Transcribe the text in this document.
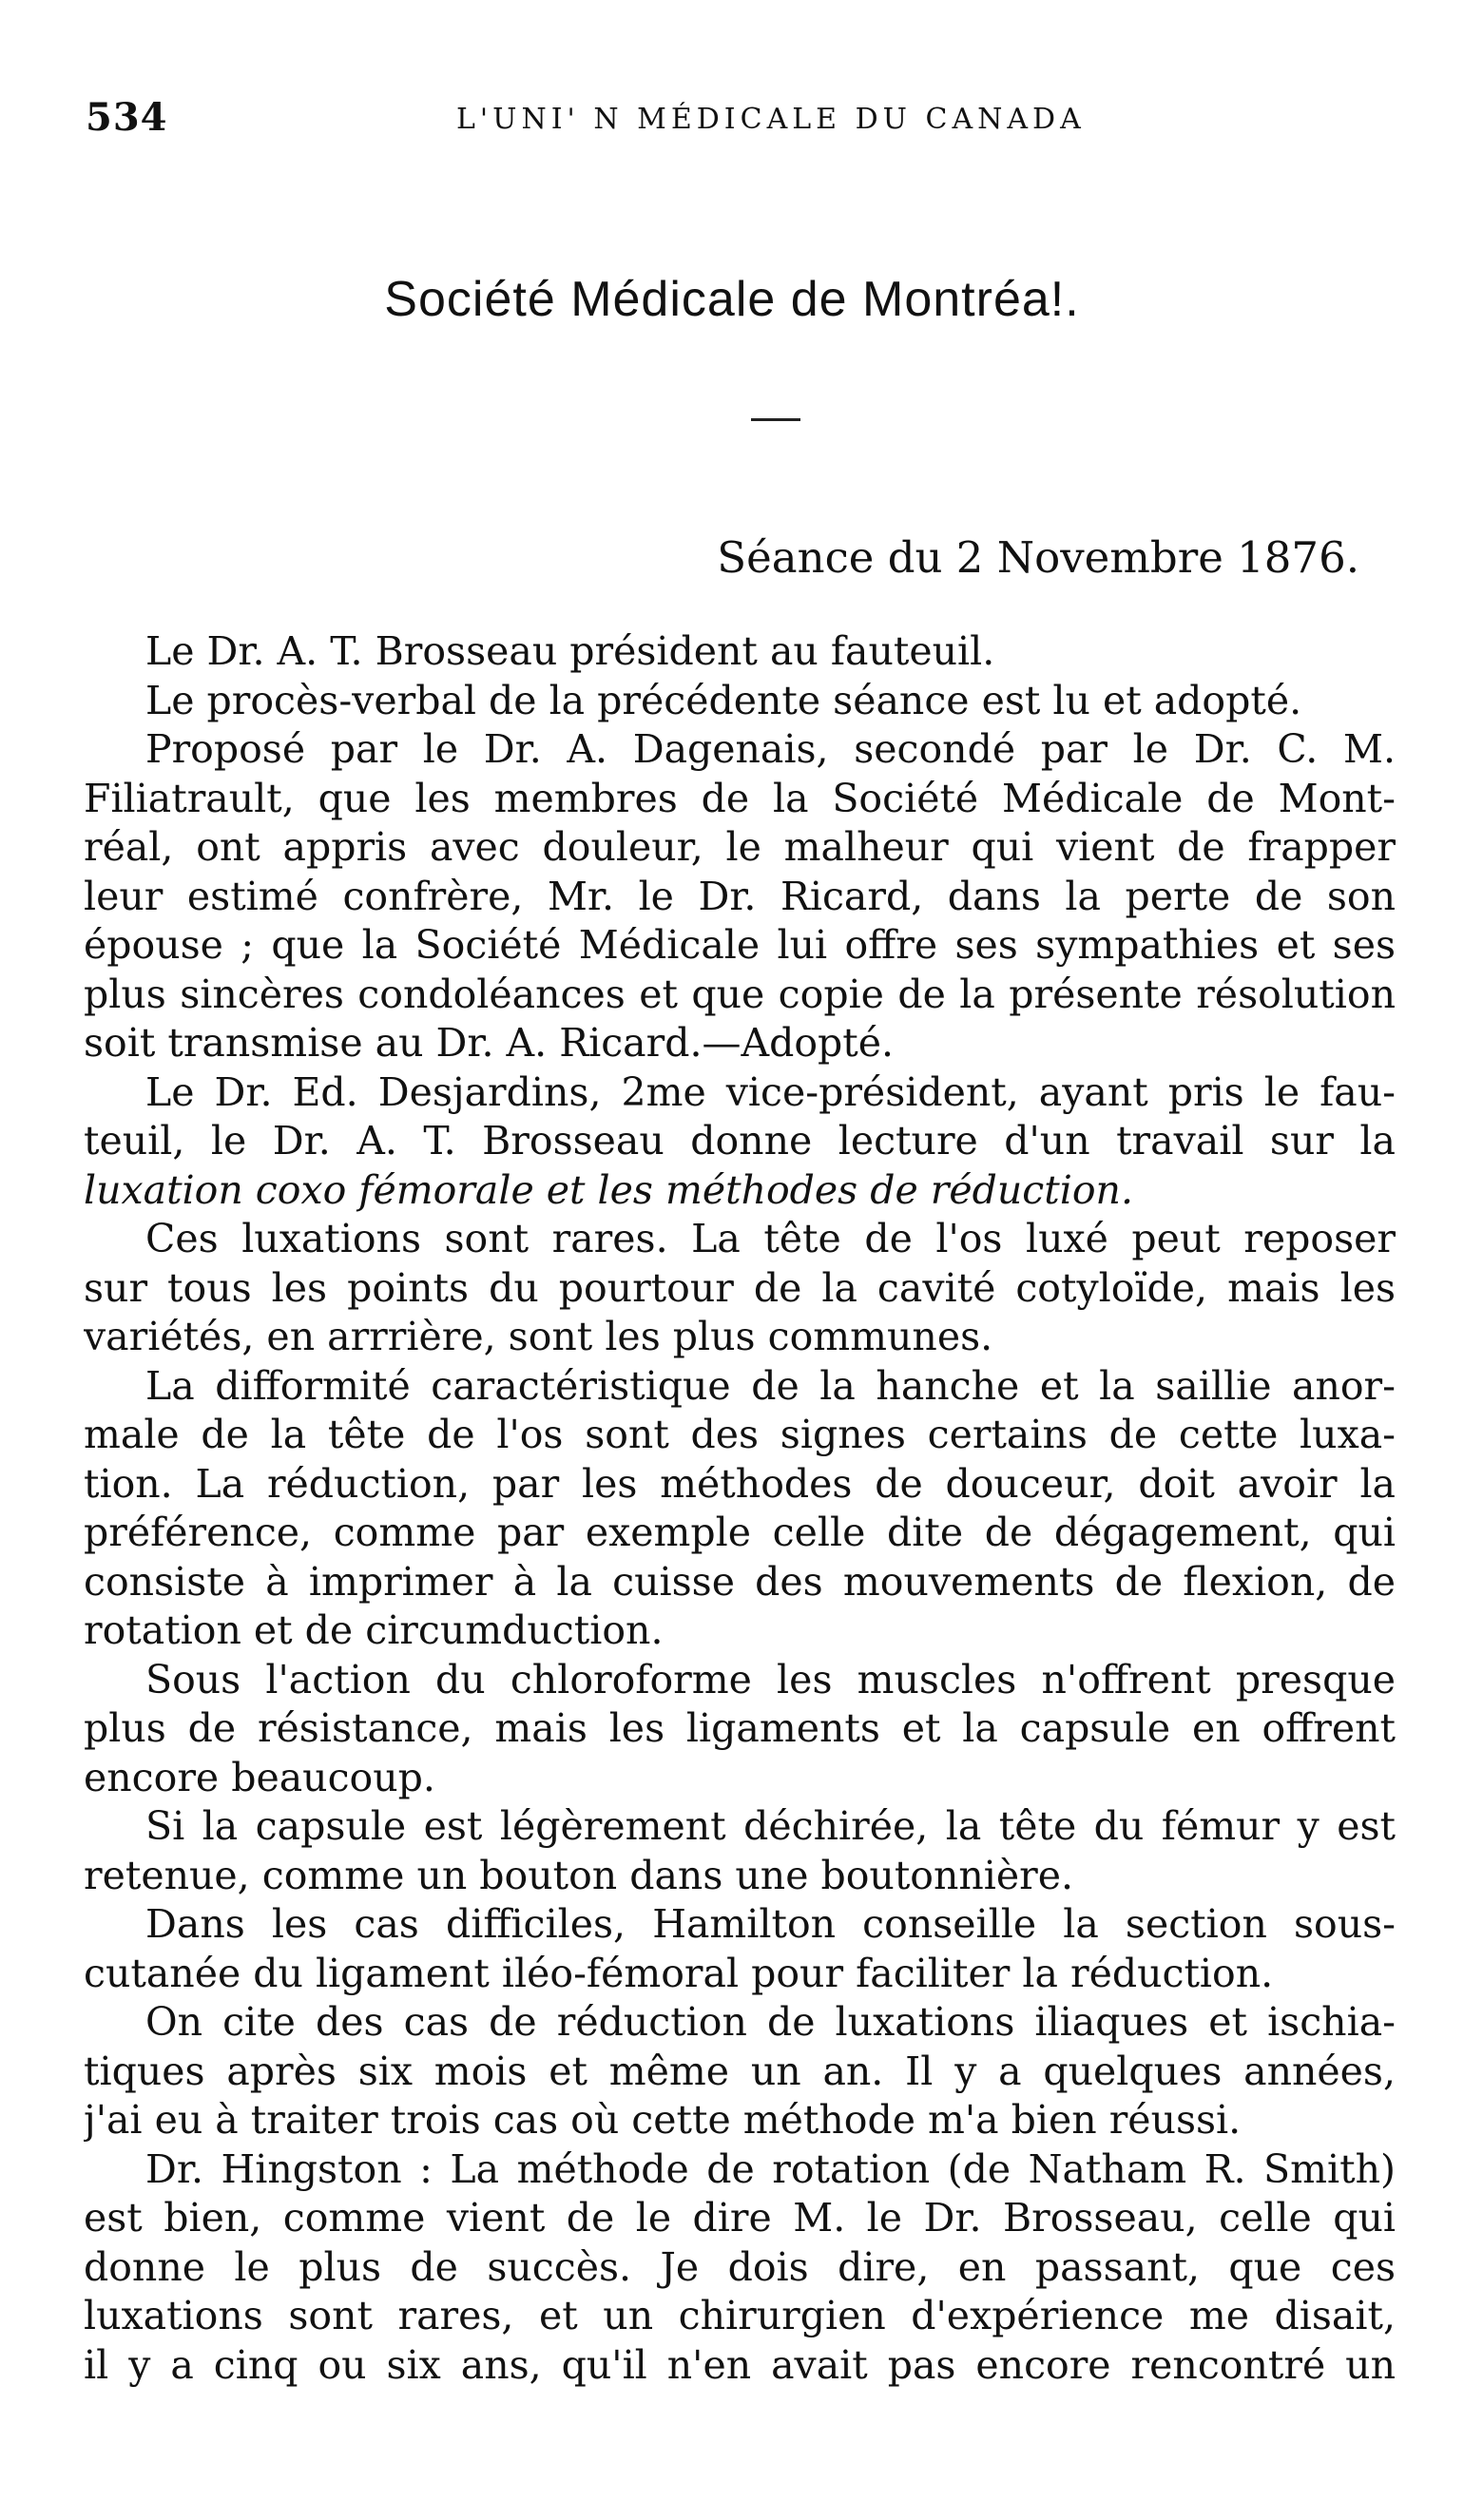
534	L'UNI' N MÉDICALE DU CANADA
Société Médicale de Montréa!.
Séance du 2 Novembre 1876.
Le Dr. A. T. Brosseau président au fauteuil.
Le procès-verbal de la précédente séance est lu et adopté.
Proposé par le Dr. A. Dagenais, secondé par le Dr. C. M.
Filiatrault, que les membres de la Société Médicale de Mont-
réal, ont appris avec douleur, le malheur qui vient de frapper
leur estimé confrère, Mr. le Dr. Ricard, dans la perte de son
épouse ; que la Société Médicale lui offre ses sympathies et ses
plus sincères condoléances et que copie de la présente résolution
soit transmise au Dr. A. Ricard.—Adopté.
Le Dr. Ed. Desjardins, 2me vice-président, ayant pris le fau-
teuil, le Dr. A. T. Brosseau donne lecture d'un travail sur la
luxation coxo fémorale et les méthodes de réduction.
Ces luxations sont rares. La tête de l'os luxé peut reposer
sur tous les points du pourtour de la cavité cotyloïde, mais les
variétés, en arrrière, sont les plus communes.
La difformité caractéristique de la hanche et la saillie anor-
male de la tête de l'os sont des signes certains de cette luxa-
tion. La réduction, par les méthodes de douceur, doit avoir la
préférence, comme par exemple celle dite de dégagement, qui
consiste à imprimer à la cuisse des mouvements de flexion, de
rotation et de circumduction.
Sous l'action du chloroforme les muscles n'offrent presque
plus de résistance, mais les ligaments et la capsule en offrent
encore beaucoup.
Si la capsule est légèrement déchirée, la tête du fémur y est
retenue, comme un bouton dans une boutonnière.
Dans les cas difficiles, Hamilton conseille la section sous-
cutanée du ligament iléo-fémoral pour faciliter la réduction.
On cite des cas de réduction de luxations iliaques et ischia-
tiques après six mois et même un an. Il y a quelques années,
j'ai eu à traiter trois cas où cette méthode m'a bien réussi.
Dr. Hingston : La méthode de rotation (de Natham R. Smith)
est bien, comme vient de le dire M. le Dr. Brosseau, celle qui
donne le plus de succès. Je dois dire, en passant, que ces
luxations sont rares, et un chirurgien d'expérience me disait,
il y a cinq ou six ans, qu'il n'en avait pas encore rencontré un
